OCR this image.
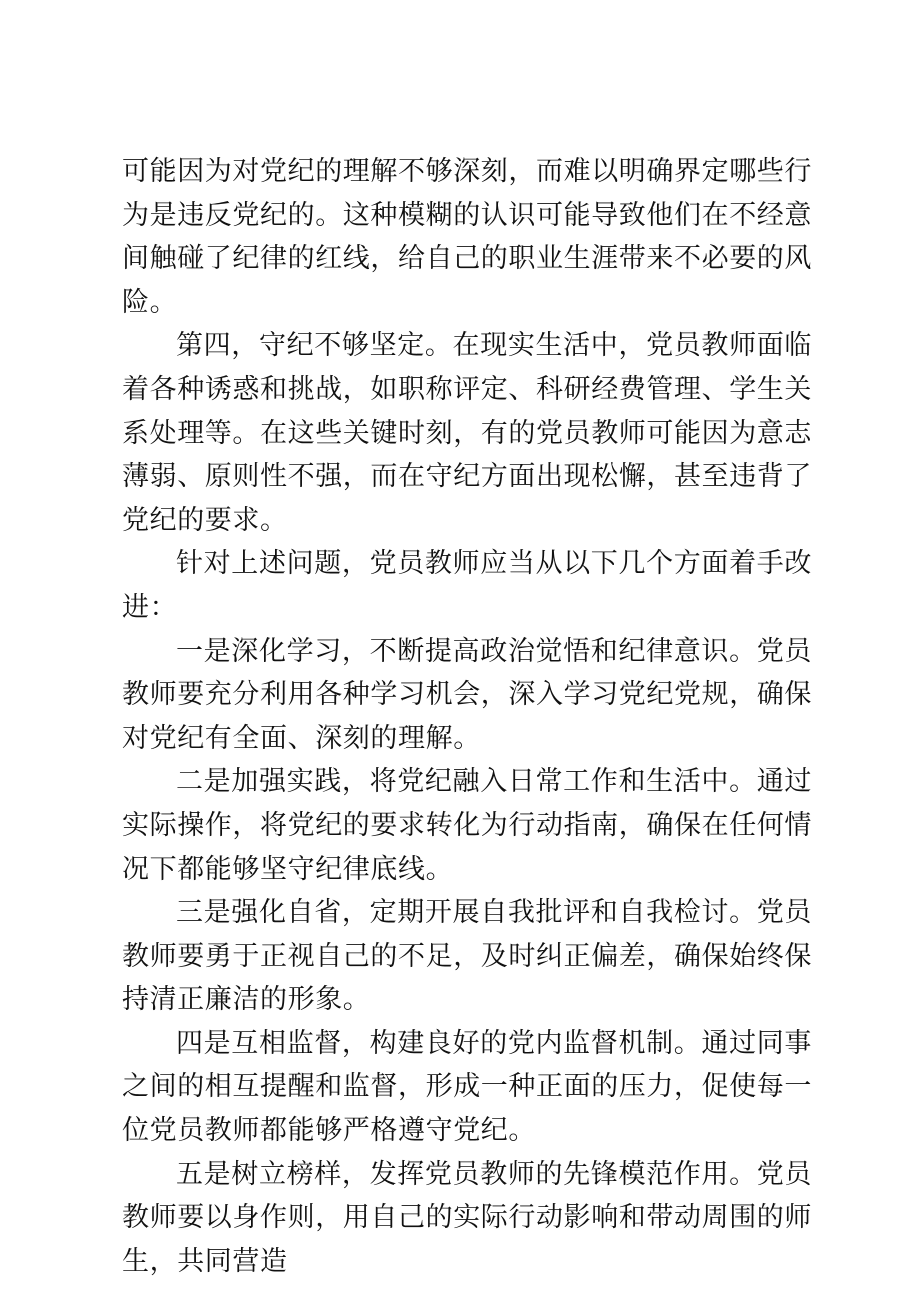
可能因为对党纪的理解不够深刻，而难以明确界定哪些行为是违反党纪的。这种模糊的认识可能导致他们在不经意间触碰了纪律的红线，给自己的职业生涯带来不必要的风险。

第四，守纪不够坚定。在现实生活中，党员教师面临着各种诱惑和挑战，如职称评定、科研经费管理、学生关系处理等。在这些关键时刻，有的党员教师可能因为意志薄弱、原则性不强，而在守纪方面出现松懈，甚至违背了党纪的要求。

针对上述问题，党员教师应当从以下几个方面着手改进：

一是深化学习，不断提高政治觉悟和纪律意识。党员教师要充分利用各种学习机会，深入学习党纪党规，确保对党纪有全面、深刻的理解。

二是加强实践，将党纪融入日常工作和生活中。通过实际操作，将党纪的要求转化为行动指南，确保在任何情况下都能够坚守纪律底线。

三是强化自省，定期开展自我批评和自我检讨。党员教师要勇于正视自己的不足，及时纠正偏差，确保始终保持清正廉洁的形象。

四是互相监督，构建良好的党内监督机制。通过同事之间的相互提醒和监督，形成一种正面的压力，促使每一位党员教师都能够严格遵守党纪。

五是树立榜样，发挥党员教师的先锋模范作用。党员教师要以身作则，用自己的实际行动影响和带动周围的师生，共同营造
